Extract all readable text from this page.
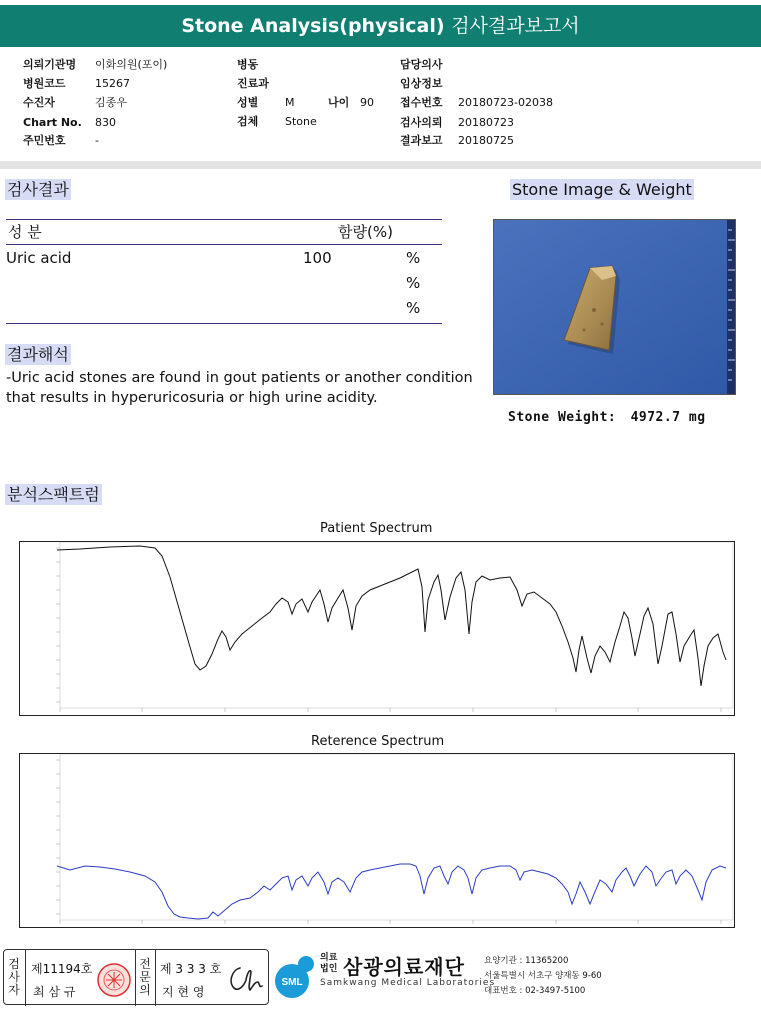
Stone Analysis(physical) 검사결과보고서
의뢰기관명 이화의원(포이)
병원코드	15267
수진자	김종우
Chart No. 830
주민번호	-
병동
진료과
성별 M	나이 90
검체 Stone
담당의사
임상정보
접수번호 20180723-02038
검사의뢰 20180723
결과보고 20180725
검사결과
성 분	함량(%)
Uric acid	100	%
%
%
결과해석
-Uric acid stones are found in gout patients or another condition that results in hyperuricosuria or high urine acidity.
Stone Image & Weight
Stone Weight: 4972.7 mg
분석스팩트럼
Patient Spectrum
Reterence Spectrum
검사자
제11194호
최 삼 규
전문의
제 3 3 3 호
지 현 영
SML
의료
법인 삼광의료재단
Samkwang Medical Laboratories
요양기관 : 11365200
서울특별시 서초구 양재동 9-60
대표번호 : 02-3497-5100
